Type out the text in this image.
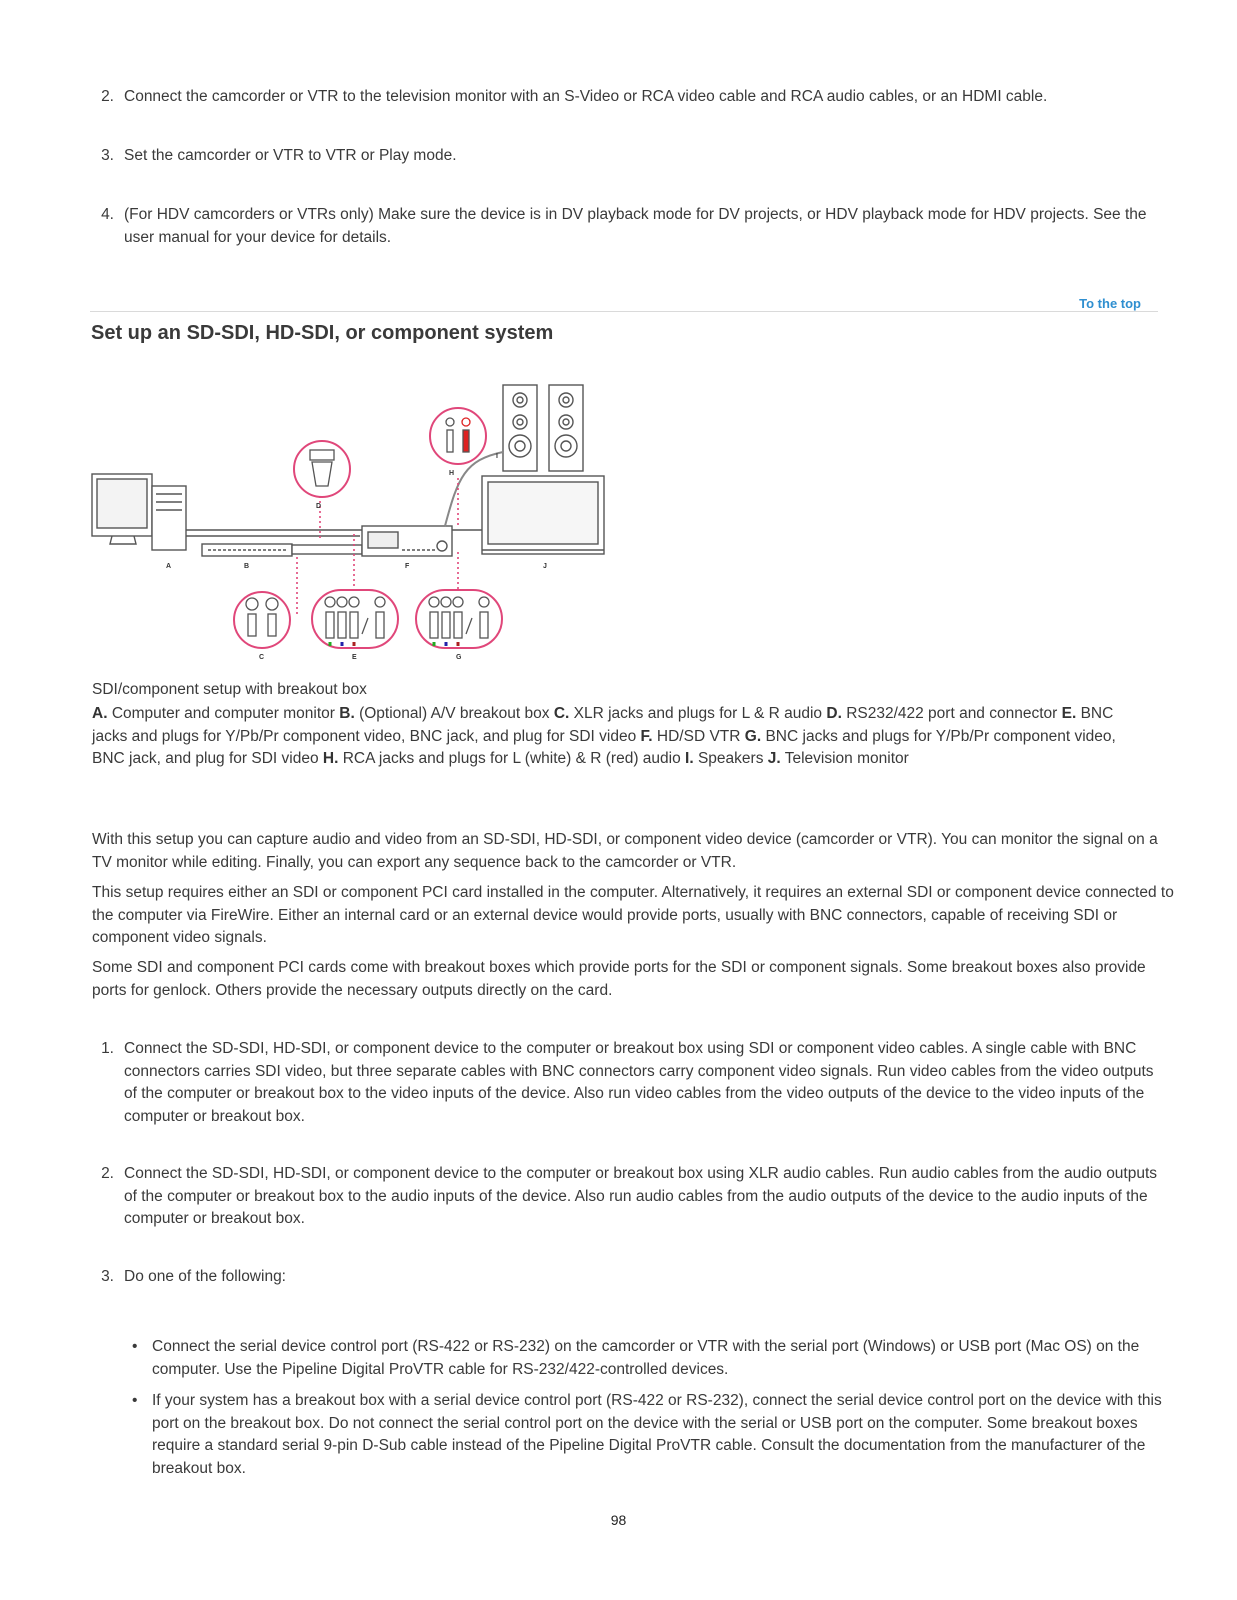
2. Connect the camcorder or VTR to the television monitor with an S-Video or RCA video cable and RCA audio cables, or an HDMI cable.
3. Set the camcorder or VTR to VTR or Play mode.
4. (For HDV camcorders or VTRs only) Make sure the device is in DV playback mode for DV projects, or HDV playback mode for HDV projects. See the user manual for your device for details.
To the top
Set up an SD-SDI, HD-SDI, or component system
A	B
C
D
E
F
G
H
I
J
SDI/component setup with breakout box
A. Computer and computer monitor B. (Optional) A/V breakout box C. XLR jacks and plugs for L & R audio D. RS232/422 port and connector E. BNC jacks and plugs for Y/Pb/Pr component video, BNC jack, and plug for SDI video F. HD/SD VTR G. BNC jacks and plugs for Y/Pb/Pr component video, BNC jack, and plug for SDI video H. RCA jacks and plugs for L (white) & R (red) audio I. Speakers J. Television monitor
With this setup you can capture audio and video from an SD-SDI, HD-SDI, or component video device (camcorder or VTR). You can monitor the signal on a TV monitor while editing. Finally, you can export any sequence back to the camcorder or VTR.
This setup requires either an SDI or component PCI card installed in the computer. Alternatively, it requires an external SDI or component device connected to the computer via FireWire. Either an internal card or an external device would provide ports, usually with BNC connectors, capable of receiving SDI or component video signals.
Some SDI and component PCI cards come with breakout boxes which provide ports for the SDI or component signals. Some breakout boxes also provide ports for genlock. Others provide the necessary outputs directly on the card.
1. Connect the SD-SDI, HD-SDI, or component device to the computer or breakout box using SDI or component video cables. A single cable with BNC connectors carries SDI video, but three separate cables with BNC connectors carry component video signals. Run video cables from the video outputs of the computer or breakout box to the video inputs of the device. Also run video cables from the video outputs of the device to the video inputs of the computer or breakout box.
2. Connect the SD-SDI, HD-SDI, or component device to the computer or breakout box using XLR audio cables. Run audio cables from the audio outputs of the computer or breakout box to the audio inputs of the device. Also run audio cables from the audio outputs of the device to the audio inputs of the computer or breakout box.
3. Do one of the following:
• Connect the serial device control port (RS-422 or RS-232) on the camcorder or VTR with the serial port (Windows) or USB port (Mac OS) on the computer. Use the Pipeline Digital ProVTR cable for RS-232/422-controlled devices.
• If your system has a breakout box with a serial device control port (RS-422 or RS-232), connect the serial device control port on the device with this port on the breakout box. Do not connect the serial control port on the device with the serial or USB port on the computer. Some breakout boxes require a standard serial 9-pin D-Sub cable instead of the Pipeline Digital ProVTR cable. Consult the documentation from the manufacturer of the breakout box.
98
